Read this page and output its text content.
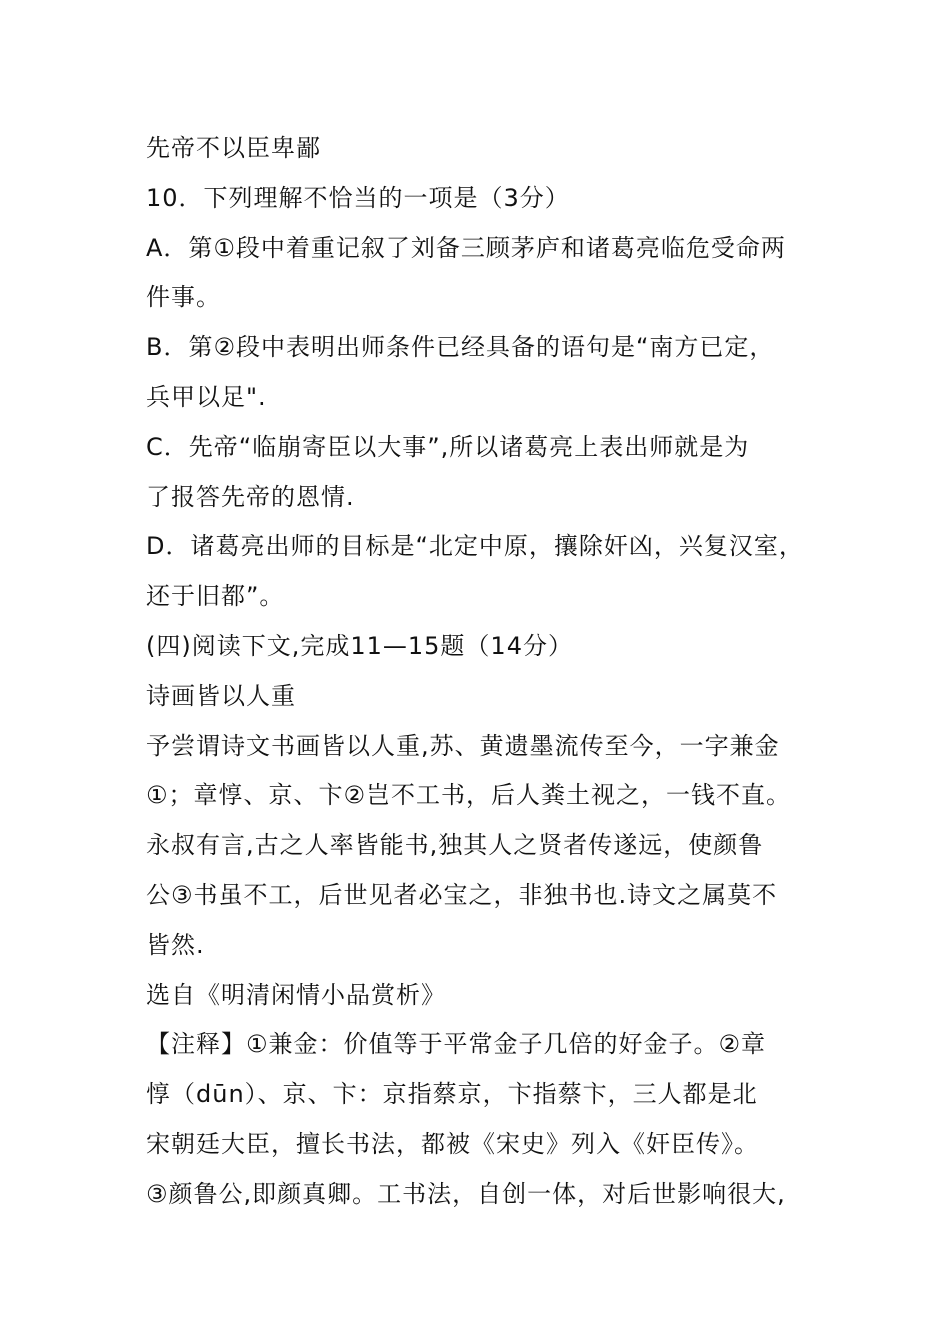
先帝不以臣卑鄙
10．下列理解不恰当的一项是（3分）
A．第①段中着重记叙了刘备三顾茅庐和诸葛亮临危受命两
件事。
B．第②段中表明出师条件已经具备的语句是“南方已定，
兵甲以足".
C．先帝“临崩寄臣以大事”,所以诸葛亮上表出师就是为
了报答先帝的恩情.
D．诸葛亮出师的目标是“北定中原，攘除奸凶，兴复汉室，
还于旧都”。
(四)阅读下文,完成11—15题（14分）
诗画皆以人重
予尝谓诗文书画皆以人重,苏、黄遗墨流传至今，一字兼金
①；章惇、京、卞②岂不工书，后人粪土视之，一钱不直。
永叔有言,古之人率皆能书,独其人之贤者传遂远，使颜鲁
公③书虽不工，后世见者必宝之，非独书也.诗文之属莫不
皆然.
选自《明清闲情小品赏析》
【注释】①兼金：价值等于平常金子几倍的好金子。②章
惇（dūn）、京、卞：京指蔡京，卞指蔡卞，三人都是北
宋朝廷大臣，擅长书法，都被《宋史》列入《奸臣传》。
③颜鲁公,即颜真卿。工书法，自创一体，对后世影响很大,
